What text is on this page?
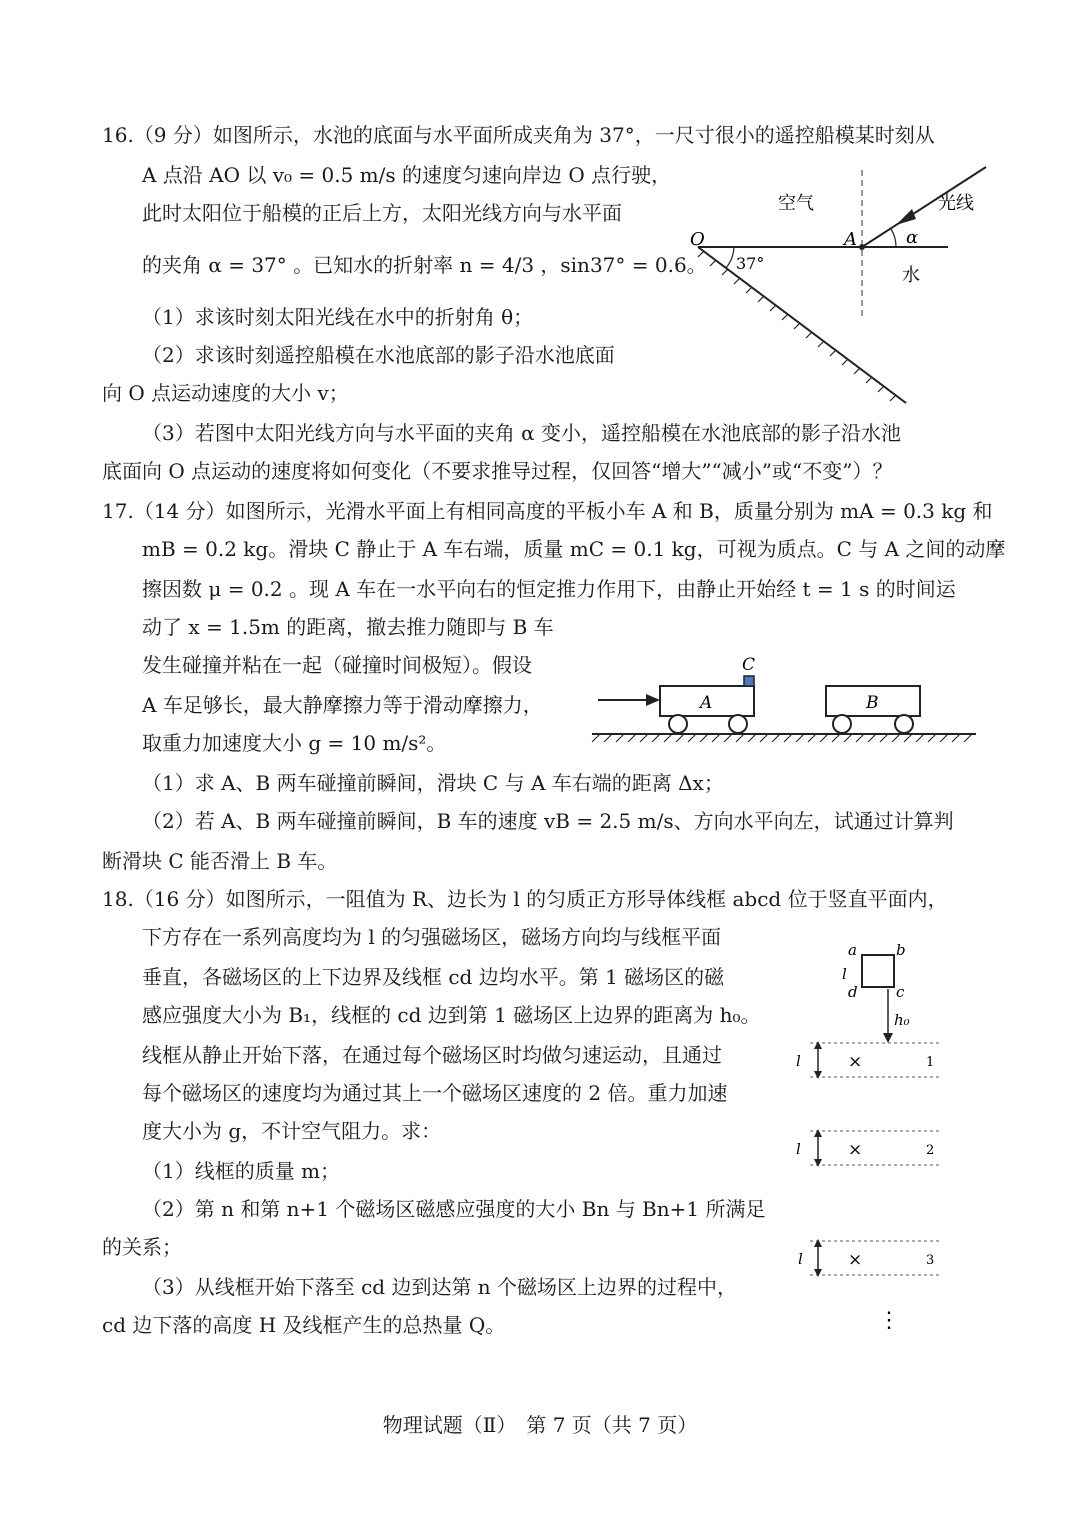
16.（9 分）如图所示，水池的底面与水平面所成夹角为 37°，一尺寸很小的遥控船模某时刻从
A 点沿 AO 以 v₀ = 0.5 m/s 的速度匀速向岸边 O 点行驶，
此时太阳位于船模的正后上方，太阳光线方向与水平面
的夹角 α = 37° 。已知水的折射率 n = 4/3 ，sin37° = 0.6。
（1）求该时刻太阳光线在水中的折射角 θ；
（2）求该时刻遥控船模在水池底部的影子沿水池底面
向 O 点运动速度的大小 v；
（3）若图中太阳光线方向与水平面的夹角 α 变小，遥控船模在水池底部的影子沿水池
底面向 O 点运动的速度将如何变化（不要求推导过程，仅回答“增大”“减小”或“不变”）？
空气	光线
水
O	A	α
37°
17.（14 分）如图所示，光滑水平面上有相同高度的平板小车 A 和 B，质量分别为 mA = 0.3 kg 和
mB = 0.2 kg。滑块 C 静止于 A 车右端，质量 mC = 0.1 kg，可视为质点。C 与 A 之间的动摩
擦因数 μ = 0.2 。现 A 车在一水平向右的恒定推力作用下，由静止开始经 t = 1 s 的时间运
动了 x = 1.5m 的距离，撤去推力随即与 B 车
发生碰撞并粘在一起（碰撞时间极短）。假设
A 车足够长，最大静摩擦力等于滑动摩擦力，
取重力加速度大小 g = 10 m/s²。
（1）求 A、B 两车碰撞前瞬间，滑块 C 与 A 车右端的距离 Δx；
（2）若 A、B 两车碰撞前瞬间，B 车的速度 vB = 2.5 m/s、方向水平向左，试通过计算判
断滑块 C 能否滑上 B 车。
A	B
C
18.（16 分）如图所示，一阻值为 R、边长为 l 的匀质正方形导体线框 abcd 位于竖直平面内，
下方存在一系列高度均为 l 的匀强磁场区，磁场方向均与线框平面
垂直，各磁场区的上下边界及线框 cd 边均水平。第 1 磁场区的磁
感应强度大小为 B₁，线框的 cd 边到第 1 磁场区上边界的距离为 h₀。
线框从静止开始下落，在通过每个磁场区时均做匀速运动，且通过
每个磁场区的速度均为通过其上一个磁场区速度的 2 倍。重力加速
度大小为 g，不计空气阻力。求：
（1）线框的质量 m；
（2）第 n 和第 n+1 个磁场区磁感应强度的大小 Bn 与 Bn+1 所满足
的关系；
（3）从线框开始下落至 cd 边到达第 n 个磁场区上边界的过程中，
cd 边下落的高度 H 及线框产生的总热量 Q。
a	b
c
d
l
h₀
l	×	1
l	×	2
l	×	3
⋮
物理试题（Ⅱ）　第 7 页（共 7 页）
